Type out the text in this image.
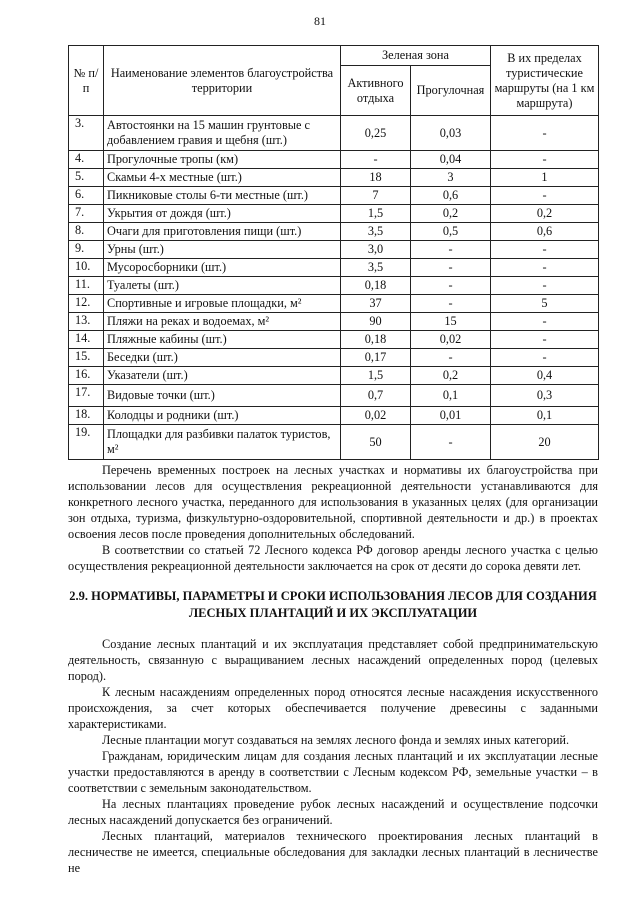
81
№ п/п	Наименование элементов благоустройства территории	Зеленая зона		В их пределах туристические маршруты (на 1 км маршрута)
		Активного отдыха	Прогулочная	
3.	Автостоянки на 15 машин грунтовые с добавлением гравия и щебня (шт.)	0,25	0,03	-
4.	Прогулочные тропы (км)	-	0,04	-
5.	Скамьи 4-х местные (шт.)	18	3	1
6.	Пикниковые столы 6-ти местные (шт.)	7	0,6	-
7.	Укрытия от дождя (шт.)	1,5	0,2	0,2
8.	Очаги для приготовления пищи (шт.)	3,5	0,5	0,6
9.	Урны (шт.)	3,0	-	-
10.	Мусоросборники (шт.)	3,5	-	-
11.	Туалеты (шт.)	0,18	-	-
12.	Спортивные и игровые площадки, м²	37	-	5
13.	Пляжи на реках и водоемах, м²	90	15	-
14.	Пляжные кабины (шт.)	0,18	0,02	-
15.	Беседки (шт.)	0,17	-	-
16.	Указатели (шт.)	1,5	0,2	0,4
17.	Видовые точки (шт.)	0,7	0,1	0,3
18.	Колодцы и родники (шт.)	0,02	0,01	0,1
19.	Площадки для разбивки палаток туристов, м²	50	-	20

Перечень временных построек на лесных участках и нормативы их благоустройства при использовании лесов для осуществления рекреационной деятельности устанавливаются для конкретного лесного участка, переданного для использования в указанных целях (для организации зон отдыха, туризма, физкультурно-оздоровительной, спортивной деятельности и др.) в проектах освоения лесов после проведения дополнительных обследований.

В соответствии со статьей 72 Лесного кодекса РФ договор аренды лесного участка с целью осуществления рекреационной деятельности заключается на срок от десяти до сорока девяти лет.

2.9. НОРМАТИВЫ, ПАРАМЕТРЫ И СРОКИ ИСПОЛЬЗОВАНИЯ ЛЕСОВ ДЛЯ СОЗДАНИЯ ЛЕСНЫХ ПЛАНТАЦИЙ И ИХ ЭКСПЛУАТАЦИИ

Создание лесных плантаций и их эксплуатация представляет собой предпринимательскую деятельность, связанную с выращиванием лесных насаждений определенных пород (целевых пород).

К лесным насаждениям определенных пород относятся лесные насаждения искусственного происхождения, за счет которых обеспечивается получение древесины с заданными характеристиками.

Лесные плантации могут создаваться на землях лесного фонда и землях иных категорий.

Гражданам, юридическим лицам для создания лесных плантаций и их эксплуатации лесные участки предоставляются в аренду в соответствии с Лесным кодексом РФ, земельные участки – в соответствии с земельным законодательством.

На лесных плантациях проведение рубок лесных насаждений и осуществление подсочки лесных насаждений допускается без ограничений.

Лесных плантаций, материалов технического проектирования лесных плантаций в лесничестве не имеется, специальные обследования для закладки лесных плантаций в лесничестве не
